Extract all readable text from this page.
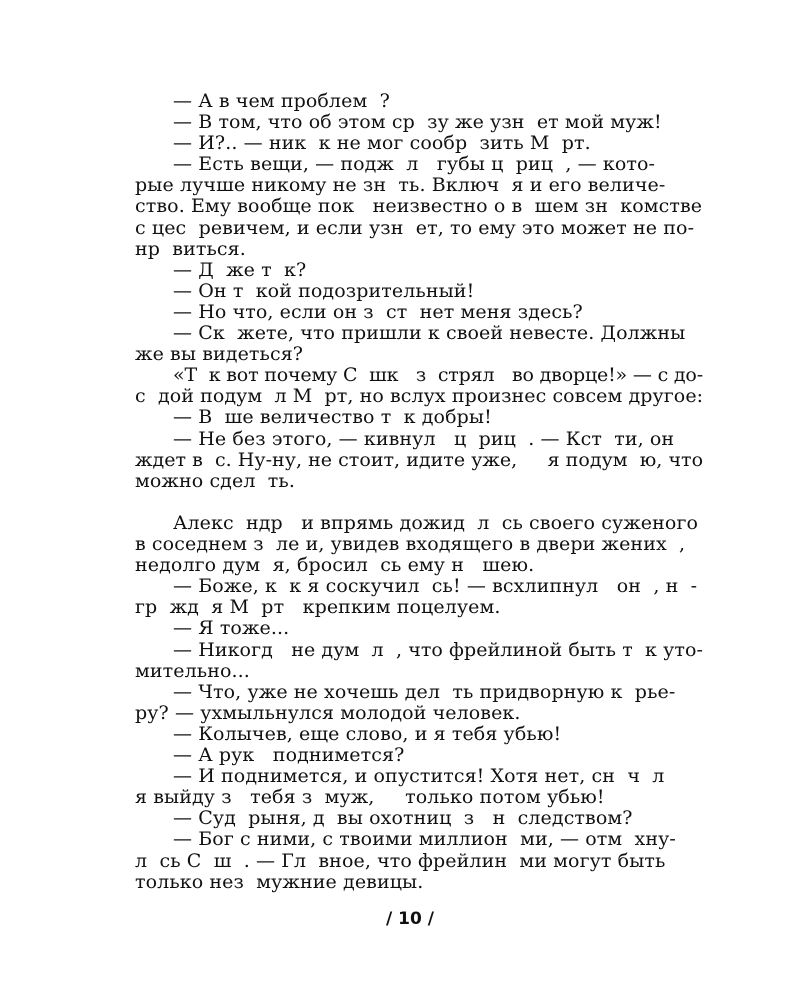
— А в чем проблем  ?
— В том, что об этом ср  зу же узн  ет мой муж!
— И?.. — ник  к не мог сообр  зить М  рт.
— Есть вещи, — подж  л   губы ц  риц  , — кото-
рые лучше никому не зн  ть. Включ  я и его величе-
ство. Ему вообще пок   неизвестно о в  шем зн  комстве
с цес  ревичем, и если узн  ет, то ему это может не по-
нр  виться.
— Д  же т  к?
— Он т  кой подозрительный!
— Но что, если он з  ст  нет меня здесь?
— Ск  жете, что пришли к своей невесте. Должны
же вы видеться?
«Т  к вот почему С  шк   з  стрял   во дворце!» — с до-
с  дой подум  л М  рт, но вслух произнес совсем другое:
— В  ше величество т  к добры!
— Не без этого, — кивнул   ц  риц  . — Кст  ти, он
ждет в  с. Ну-ну, не стоит, идите уже,     я подум  ю, что
можно сдел  ть.
Алекс  ндр   и впрямь дожид  л  сь своего суженого
в соседнем з  ле и, увидев входящего в двери жених  ,
недолго дум  я, бросил  сь ему н   шею.
— Боже, к  к я соскучил  сь! — всхлипнул   он  , н  -
гр  жд  я М  рт   крепким поцелуем.
— Я тоже...
— Никогд   не дум  л  , что фрейлиной быть т  к уто-
мительно...
— Что, уже не хочешь дел  ть придворную к  рье-
ру? — ухмыльнулся молодой человек.
— Колычев, еще слово, и я тебя убью!
— А рук   поднимется?
— И поднимется, и опустится! Хотя нет, сн  ч  л
я выйду з   тебя з  муж,     только потом убью!
— Суд  рыня, д  вы охотниц  з   н  следством?
— Бог с ними, с твоими миллион  ми, — отм  хну-
л  сь С  ш  . — Гл  вное, что фрейлин  ми могут быть
только нез  мужние девицы.
/ 10 /
